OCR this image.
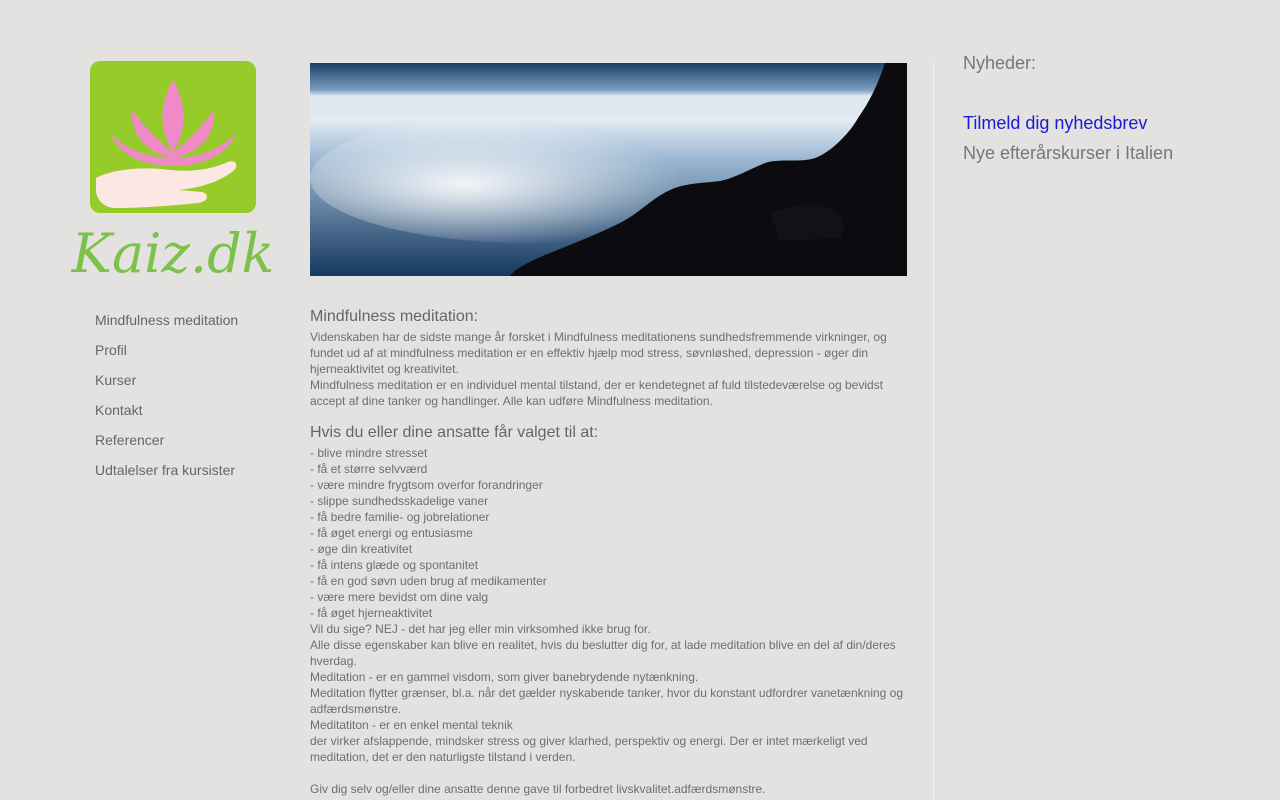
Kaiz.dk
Mindfulness meditation
Profil
Kurser
Kontakt
Referencer
Udtalelser fra kursister
Mindfulness meditation:

Videnskaben har de sidste mange år forsket i Mindfulness meditationens sundhedsfremmende virkninger, og fundet ud af at mindfulness meditation er en effektiv hjælp mod stress, søvnløshed, depression - øger din hjerneaktivitet og kreativitet.

Mindfulness meditation er en individuel mental tilstand, der er kendetegnet af fuld tilstedeværelse og bevidst accept af dine tanker og handlinger. Alle kan udføre Mindfulness meditation.

Hvis du eller dine ansatte får valget til at:

- blive mindre stresset

- få et større selvværd

- være mindre frygtsom overfor forandringer

- slippe sundhedsskadelige vaner

- få bedre familie- og jobrelationer

- få øget energi og entusiasme

- øge din kreativitet

- få intens glæde og spontanitet

- få en god søvn uden brug af medikamenter

- være mere bevidst om dine valg

- få øget hjerneaktivitet

Vil du sige? NEJ - det har jeg eller min virksomhed ikke brug for.

Alle disse egenskaber kan blive en realitet, hvis du beslutter dig for, at lade meditation blive en del af din/deres hverdag.

Meditation - er en gammel visdom, som giver banebrydende nytænkning.

Meditation flytter grænser, bl.a. når det gælder nyskabende tanker, hvor du konstant udfordrer vanetænkning og adfærdsmønstre.

Meditatiton - er en enkel mental teknik

der virker afslappende, mindsker stress og giver klarhed, perspektiv og energi. Der er intet mærkeligt ved meditation, det er den naturligste tilstand i verden.

Giv dig selv og/eller dine ansatte denne gave til forbedret livskvalitet.adfærdsmønstre.

Nyheder:
Tilmeld dig nyhedsbrev
Nye efterårskurser i Italien
